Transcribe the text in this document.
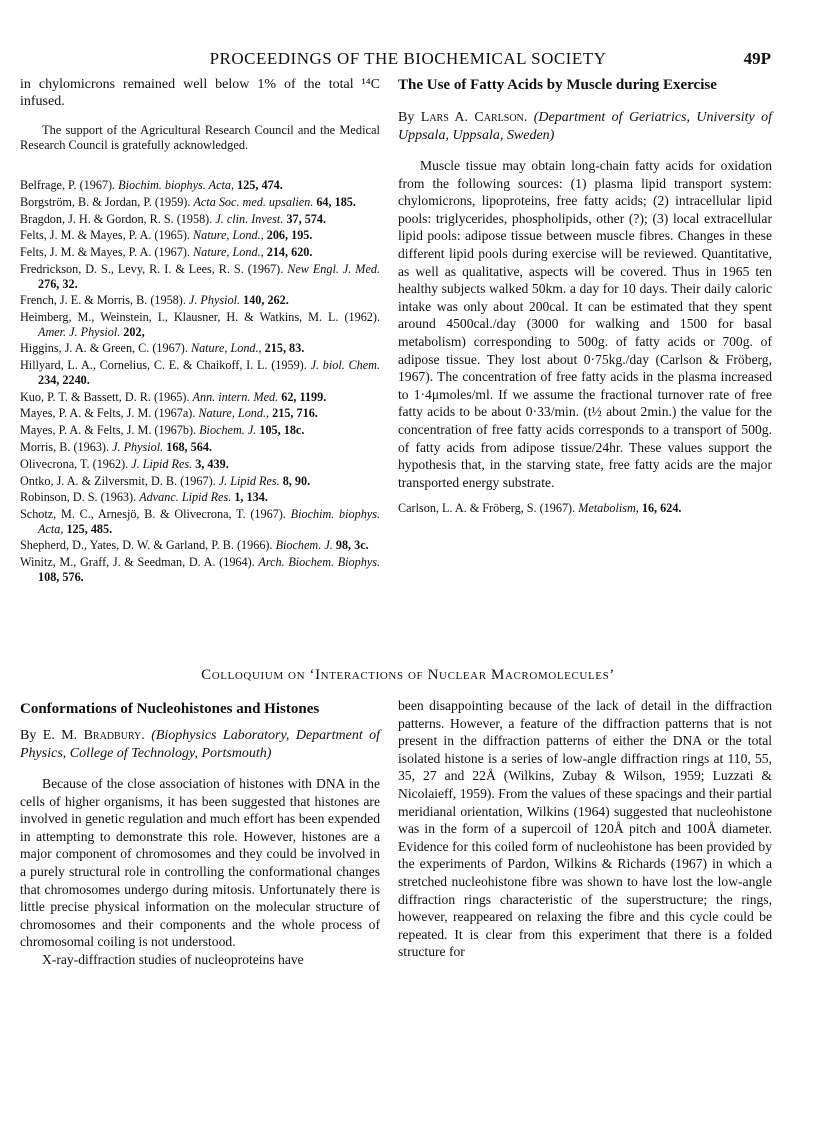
PROCEEDINGS OF THE BIOCHEMICAL SOCIETY	49P

in chylomicrons remained well below 1% of the total ¹⁴C infused.

The support of the Agricultural Research Council and the Medical Research Council is gratefully acknowledged.

Belfrage, P. (1967). Biochim. biophys. Acta, 125, 474.
Borgström, B. & Jordan, P. (1959). Acta Soc. med. upsalien. 64, 185.
Bragdon, J. H. & Gordon, R. S. (1958). J. clin. Invest. 37, 574.
Felts, J. M. & Mayes, P. A. (1965). Nature, Lond., 206, 195.
Felts, J. M. & Mayes, P. A. (1967). Nature, Lond., 214, 620.
Fredrickson, D. S., Levy, R. I. & Lees, R. S. (1967). New Engl. J. Med. 276, 32.
French, J. E. & Morris, B. (1958). J. Physiol. 140, 262.
Heimberg, M., Weinstein, I., Klausner, H. & Watkins, M. L. (1962). Amer. J. Physiol. 202,
Higgins, J. A. & Green, C. (1967). Nature, Lond., 215, 83.
Hillyard, L. A., Cornelius, C. E. & Chaikoff, I. L. (1959). J. biol. Chem. 234, 2240.
Kuo, P. T. & Bassett, D. R. (1965). Ann. intern. Med. 62, 1199.
Mayes, P. A. & Felts, J. M. (1967a). Nature, Lond., 215, 716.
Mayes, P. A. & Felts, J. M. (1967b). Biochem. J. 105, 18c.
Morris, B. (1963). J. Physiol. 168, 564.
Olivecrona, T. (1962). J. Lipid Res. 3, 439.
Ontko, J. A. & Zilversmit, D. B. (1967). J. Lipid Res. 8, 90.
Robinson, D. S. (1963). Advanc. Lipid Res. 1, 134.
Schotz, M. C., Arnesjö, B. & Olivecrona, T. (1967). Biochim. biophys. Acta, 125, 485.
Shepherd, D., Yates, D. W. & Garland, P. B. (1966). Biochem. J. 98, 3c.
Winitz, M., Graff, J. & Seedman, D. A. (1964). Arch. Biochem. Biophys. 108, 576.
The Use of Fatty Acids by Muscle during Exercise
By Lars A. Carlson. (Department of Geriatrics, University of Uppsala, Uppsala, Sweden)

Muscle tissue may obtain long-chain fatty acids for oxidation from the following sources: (1) plasma lipid transport system: chylomicrons, lipoproteins, free fatty acids; (2) intracellular lipid pools: triglycerides, phospholipids, other (?); (3) local extracellular lipid pools: adipose tissue between muscle fibres. Changes in these different lipid pools during exercise will be reviewed. Quantitative, as well as qualitative, aspects will be covered. Thus in 1965 ten healthy subjects walked 50km. a day for 10 days. Their daily caloric intake was only about 200cal. It can be estimated that they spent around 4500cal./day (3000 for walking and 1500 for basal metabolism) corresponding to 500g. of fatty acids or 700g. of adipose tissue. They lost about 0·75kg./day (Carlson & Fröberg, 1967). The concentration of free fatty acids in the plasma increased to 1·4μmoles/ml. If we assume the fractional turnover rate of free fatty acids to be about 0·33/min. (t½ about 2min.) the value for the concentration of free fatty acids corresponds to a transport of 500g. of fatty acids from adipose tissue/24hr. These values support the hypothesis that, in the starving state, free fatty acids are the major transported energy substrate.

Carlson, L. A. & Fröberg, S. (1967). Metabolism, 16, 624.
Colloquium on ‘Interactions of Nuclear Macromolecules’
Conformations of Nucleohistones and Histones
By E. M. Bradbury. (Biophysics Laboratory, Department of Physics, College of Technology, Portsmouth)

Because of the close association of histones with DNA in the cells of higher organisms, it has been suggested that histones are involved in genetic regulation and much effort has been expended in attempting to demonstrate this role. However, histones are a major component of chromosomes and they could be involved in a purely structural role in controlling the conformational changes that chromosomes undergo during mitosis. Unfortunately there is little precise physical information on the molecular structure of chromosomes and their components and the whole process of chromosomal coiling is not understood.

X-ray-diffraction studies of nucleoproteins have

been disappointing because of the lack of detail in the diffraction patterns. However, a feature of the diffraction patterns that is not present in the diffraction patterns of either the DNA or the total isolated histone is a series of low-angle diffraction rings at 110, 55, 35, 27 and 22Å (Wilkins, Zubay & Wilson, 1959; Luzzati & Nicolaieff, 1959). From the values of these spacings and their partial meridianal orientation, Wilkins (1964) suggested that nucleohistone was in the form of a supercoil of 120Å pitch and 100Å diameter. Evidence for this coiled form of nucleohistone has been provided by the experiments of Pardon, Wilkins & Richards (1967) in which a stretched nucleohistone fibre was shown to have lost the low-angle diffraction rings characteristic of the superstructure; the rings, however, reappeared on relaxing the fibre and this cycle could be repeated. It is clear from this experiment that there is a folded structure for
